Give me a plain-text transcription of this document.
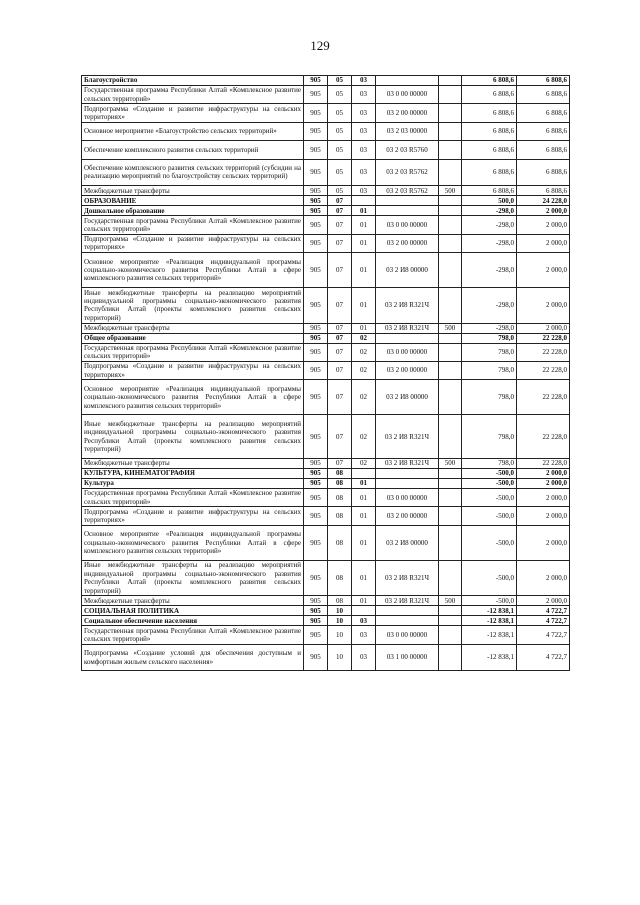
129
Благоустройство	905	05	03			6 808,6	6 808,6
Государственная программа Республики Алтай «Комплексное развитие сельских территорий»	905	05	03	03 0 00 00000		6 808,6	6 808,6
Подпрограмма «Создание и развитие инфраструктуры на сельских территориях»	905	05	03	03 2 00 00000		6 808,6	6 808,6
Основное мероприятие «Благоустройство сельских территорий»	905	05	03	03 2 03 00000		6 808,6	6 808,6
Обеспечение комплексного развития сельских территорий	905	05	03	03 2 03 R5760		6 808,6	6 808,6
Обеспечение комплексного развития сельских территорий (субсидии на реализацию мероприятий по благоустройству сельских территорий)	905	05	03	03 2 03 R5762		6 808,6	6 808,6
Межбюджетные трансферты	905	05	03	03 2 03 R5762	500	6 808,6	6 808,6
ОБРАЗОВАНИЕ	905	07				500,0	24 228,0
Дошкольное образование	905	07	01			-298,0	2 000,0
Государственная программа Республики Алтай «Комплексное развитие сельских территорий»	905	07	01	03 0 00 00000		-298,0	2 000,0
Подпрограмма «Создание и развитие инфраструктуры на сельских территориях»	905	07	01	03 2 00 00000		-298,0	2 000,0
Основное мероприятие «Реализация индивидуальной программы социально-экономического развития Республики Алтай в сфере комплексного развития сельских территорий»	905	07	01	03 2 И8 00000		-298,0	2 000,0
Иные межбюджетные трансферты на реализацию мероприятий индивидуальной программы социально-экономического развития Республики Алтай (проекты комплексного развития сельских территорий)	905	07	01	03 2 И8 R321Ч		-298,0	2 000,0
Межбюджетные трансферты	905	07	01	03 2 И8 R321Ч	500	-298,0	2 000,0
Общее образование	905	07	02			798,0	22 228,0
Государственная программа Республики Алтай «Комплексное развитие сельских территорий»	905	07	02	03 0 00 00000		798,0	22 228,0
Подпрограмма «Создание и развитие инфраструктуры на сельских территориях»	905	07	02	03 2 00 00000		798,0	22 228,0
Основное мероприятие «Реализация индивидуальной программы социально-экономического развития Республики Алтай в сфере комплексного развития сельских территорий»	905	07	02	03 2 И8 00000		798,0	22 228,0
Иные межбюджетные трансферты на реализацию мероприятий индивидуальной программы социально-экономического развития Республики Алтай (проекты комплексного развития сельских территорий)	905	07	02	03 2 И8 R321Ч		798,0	22 228,0
Межбюджетные трансферты	905	07	02	03 2 И8 R321Ч	500	798,0	22 228,0
КУЛЬТУРА, КИНЕМАТОГРАФИЯ	905	08				-500,0	2 000,0
Культура	905	08	01			-500,0	2 000,0
Государственная программа Республики Алтай «Комплексное развитие сельских территорий»	905	08	01	03 0 00 00000		-500,0	2 000,0
Подпрограмма «Создание и развитие инфраструктуры на сельских территориях»	905	08	01	03 2 00 00000		-500,0	2 000,0
Основное мероприятие «Реализация индивидуальной программы социально-экономического развития Республики Алтай в сфере комплексного развития сельских территорий»	905	08	01	03 2 И8 00000		-500,0	2 000,0
Иные межбюджетные трансферты на реализацию мероприятий индивидуальной программы социально-экономического развития Республики Алтай (проекты комплексного развития сельских территорий)	905	08	01	03 2 И8 R321Ч		-500,0	2 000,0
Межбюджетные трансферты	905	08	01	03 2 И8 R321Ч	500	-500,0	2 000,0
СОЦИАЛЬНАЯ ПОЛИТИКА	905	10				-12 838,1	4 722,7
Социальное обеспечение населения	905	10	03			-12 838,1	4 722,7
Государственная программа Республики Алтай «Комплексное развитие сельских территорий»	905	10	03	03 0 00 00000		-12 838,1	4 722,7
Подпрограмма «Создание условий для обеспечения доступным и комфортным жильем сельского населения»	905	10	03	03 1 00 00000		-12 838,1	4 722,7
